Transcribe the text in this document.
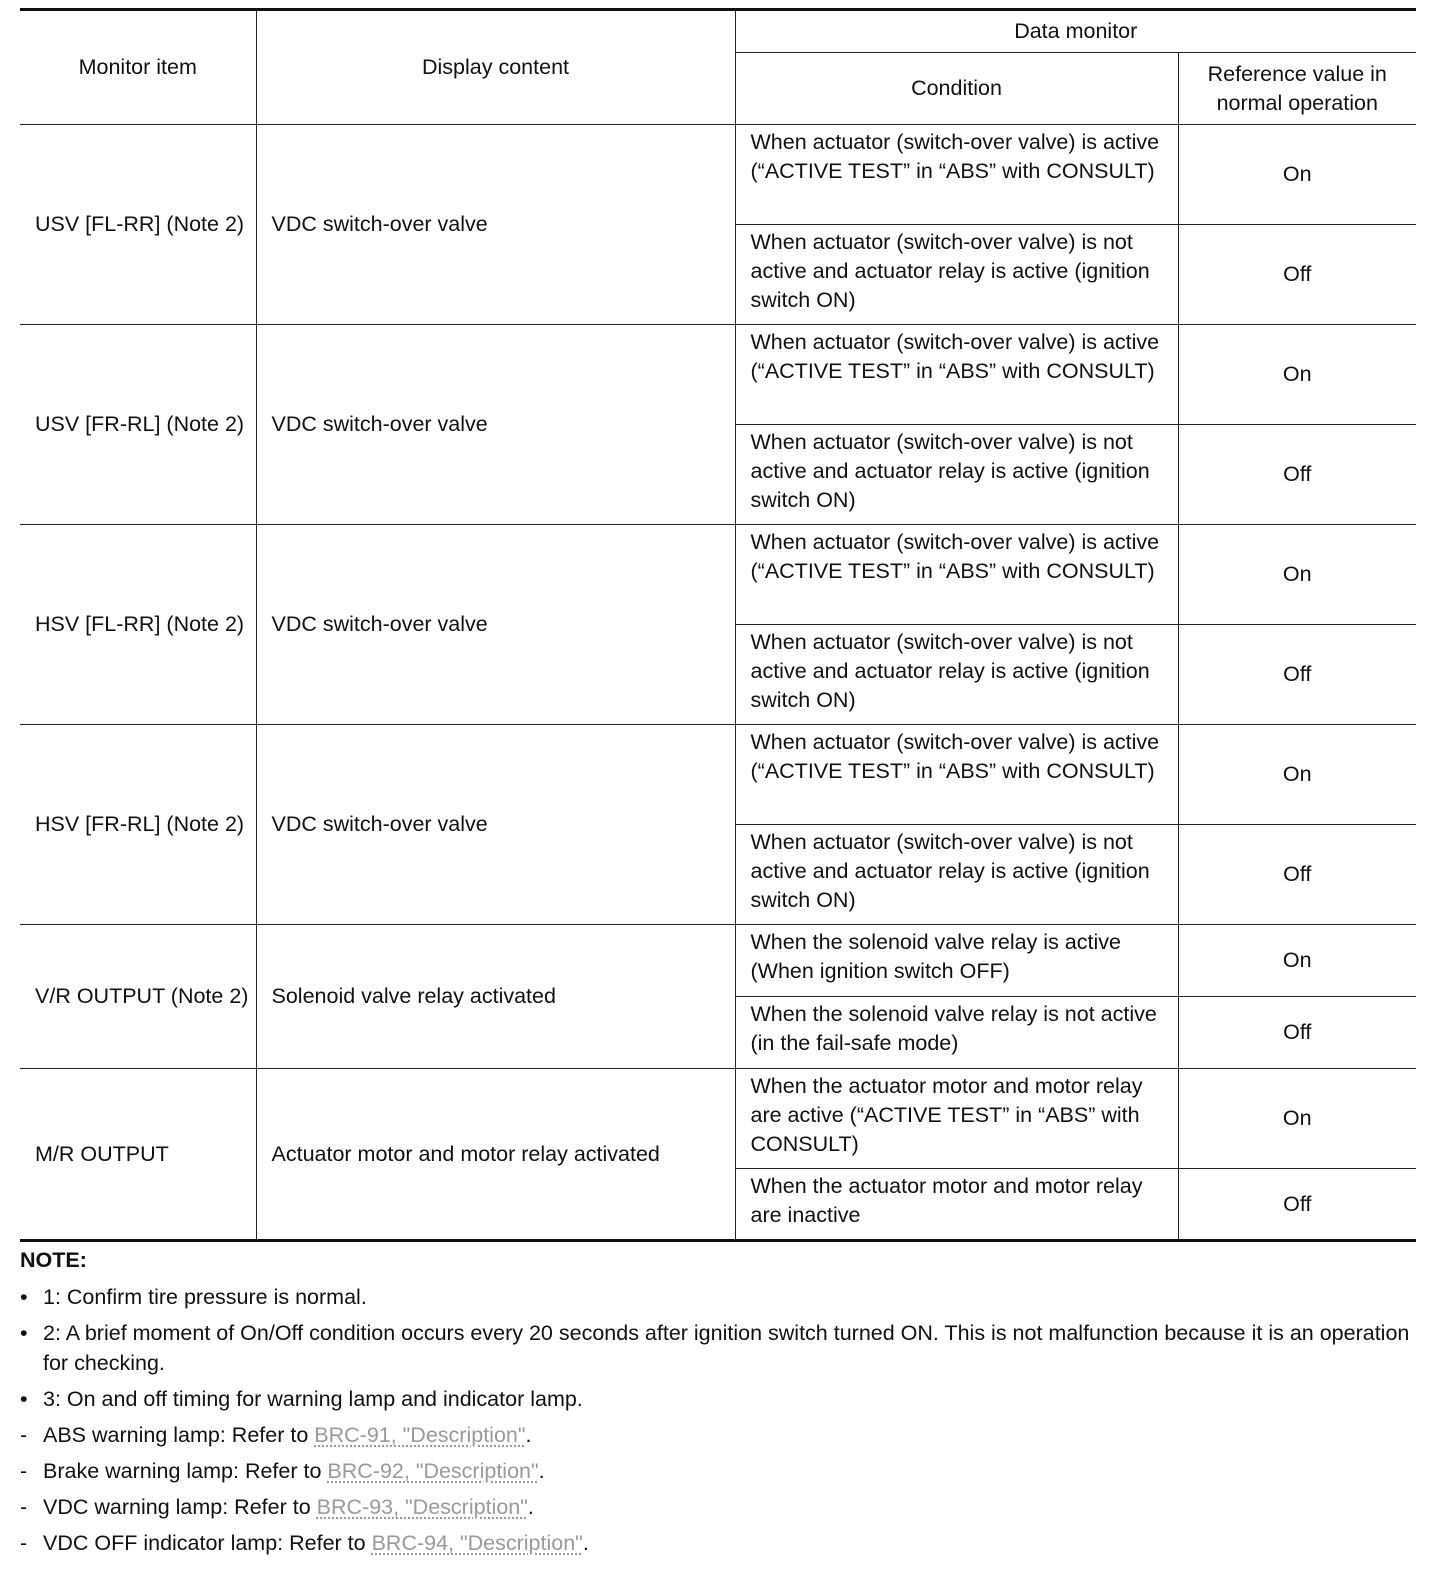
Monitor item	Display content	Data monitor	
		Condition	Reference value in normal operation
USV [FL-RR] (Note 2)	VDC switch-over valve	When actuator (switch-over valve) is active (“ACTIVE TEST” in “ABS” with CONSULT)	On
		When actuator (switch-over valve) is not active and actuator relay is active (ignition switch ON)	Off
USV [FR-RL] (Note 2)	VDC switch-over valve	When actuator (switch-over valve) is active (“ACTIVE TEST” in “ABS” with CONSULT)	On
		When actuator (switch-over valve) is not active and actuator relay is active (ignition switch ON)	Off
HSV [FL-RR] (Note 2)	VDC switch-over valve	When actuator (switch-over valve) is active (“ACTIVE TEST” in “ABS” with CONSULT)	On
		When actuator (switch-over valve) is not active and actuator relay is active (ignition switch ON)	Off
HSV [FR-RL] (Note 2)	VDC switch-over valve	When actuator (switch-over valve) is active (“ACTIVE TEST” in “ABS” with CONSULT)	On
		When actuator (switch-over valve) is not active and actuator relay is active (ignition switch ON)	Off
V/R OUTPUT (Note 2)	Solenoid valve relay activated	When the solenoid valve relay is active (When ignition switch OFF)	On
		When the solenoid valve relay is not active (in the fail-safe mode)	Off
M/R OUTPUT	Actuator motor and motor relay activated	When the actuator motor and motor relay are active (“ACTIVE TEST” in “ABS” with CONSULT)	On
		When the actuator motor and motor relay are inactive	Off
NOTE:
• 1: Confirm tire pressure is normal.
• 2: A brief moment of On/Off condition occurs every 20 seconds after ignition switch turned ON. This is not malfunction because it is an operation for checking.
• 3: On and off timing for warning lamp and indicator lamp.
- ABS warning lamp: Refer to BRC-91, "Description".
- Brake warning lamp: Refer to BRC-92, "Description".
- VDC warning lamp: Refer to BRC-93, "Description".
- VDC OFF indicator lamp: Refer to BRC-94, "Description".
